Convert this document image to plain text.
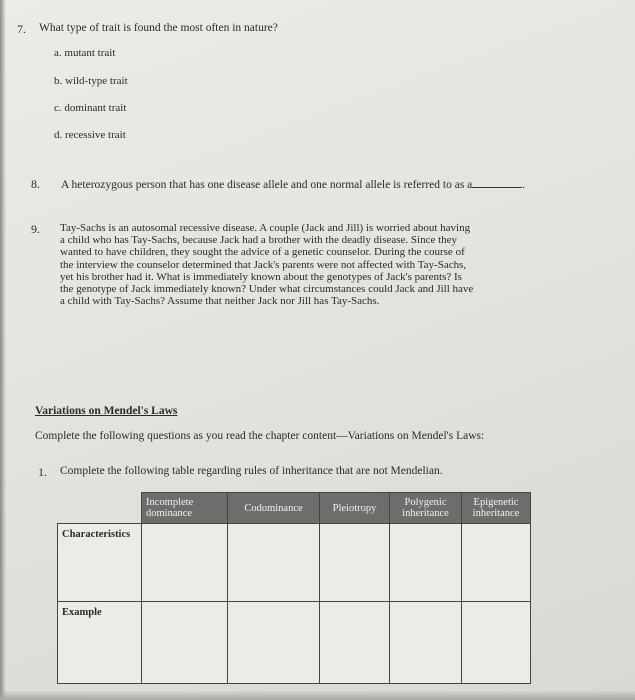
7. What type of trait is found the most often in nature?
a. mutant trait
b. wild-type trait
c. dominant trait
d. recessive trait
8. A heterozygous person that has one disease allele and one normal allele is referred to as a	.
9. Tay-Sachs is an autosomal recessive disease. A couple (Jack and Jill) is worried about having
a child who has Tay-Sachs, because Jack had a brother with the deadly disease. Since they
wanted to have children, they sought the advice of a genetic counselor. During the course of
the interview the counselor determined that Jack's parents were not affected with Tay-Sachs,
yet his brother had it. What is immediately known about the genotypes of Jack's parents? Is
the genotype of Jack immediately known? Under what circumstances could Jack and Jill have
a child with Tay-Sachs? Assume that neither Jack nor Jill has Tay-Sachs.
Variations on Mendel's Laws
Complete the following questions as you read the chapter content—Variations on Mendel's Laws:
1. Complete the following table regarding rules of inheritance that are not Mendelian.
	Incomplete dominance	Codominance	Pleiotropy	Polygenic inheritance	Epigenetic inheritance
Characteristics					
Example					
